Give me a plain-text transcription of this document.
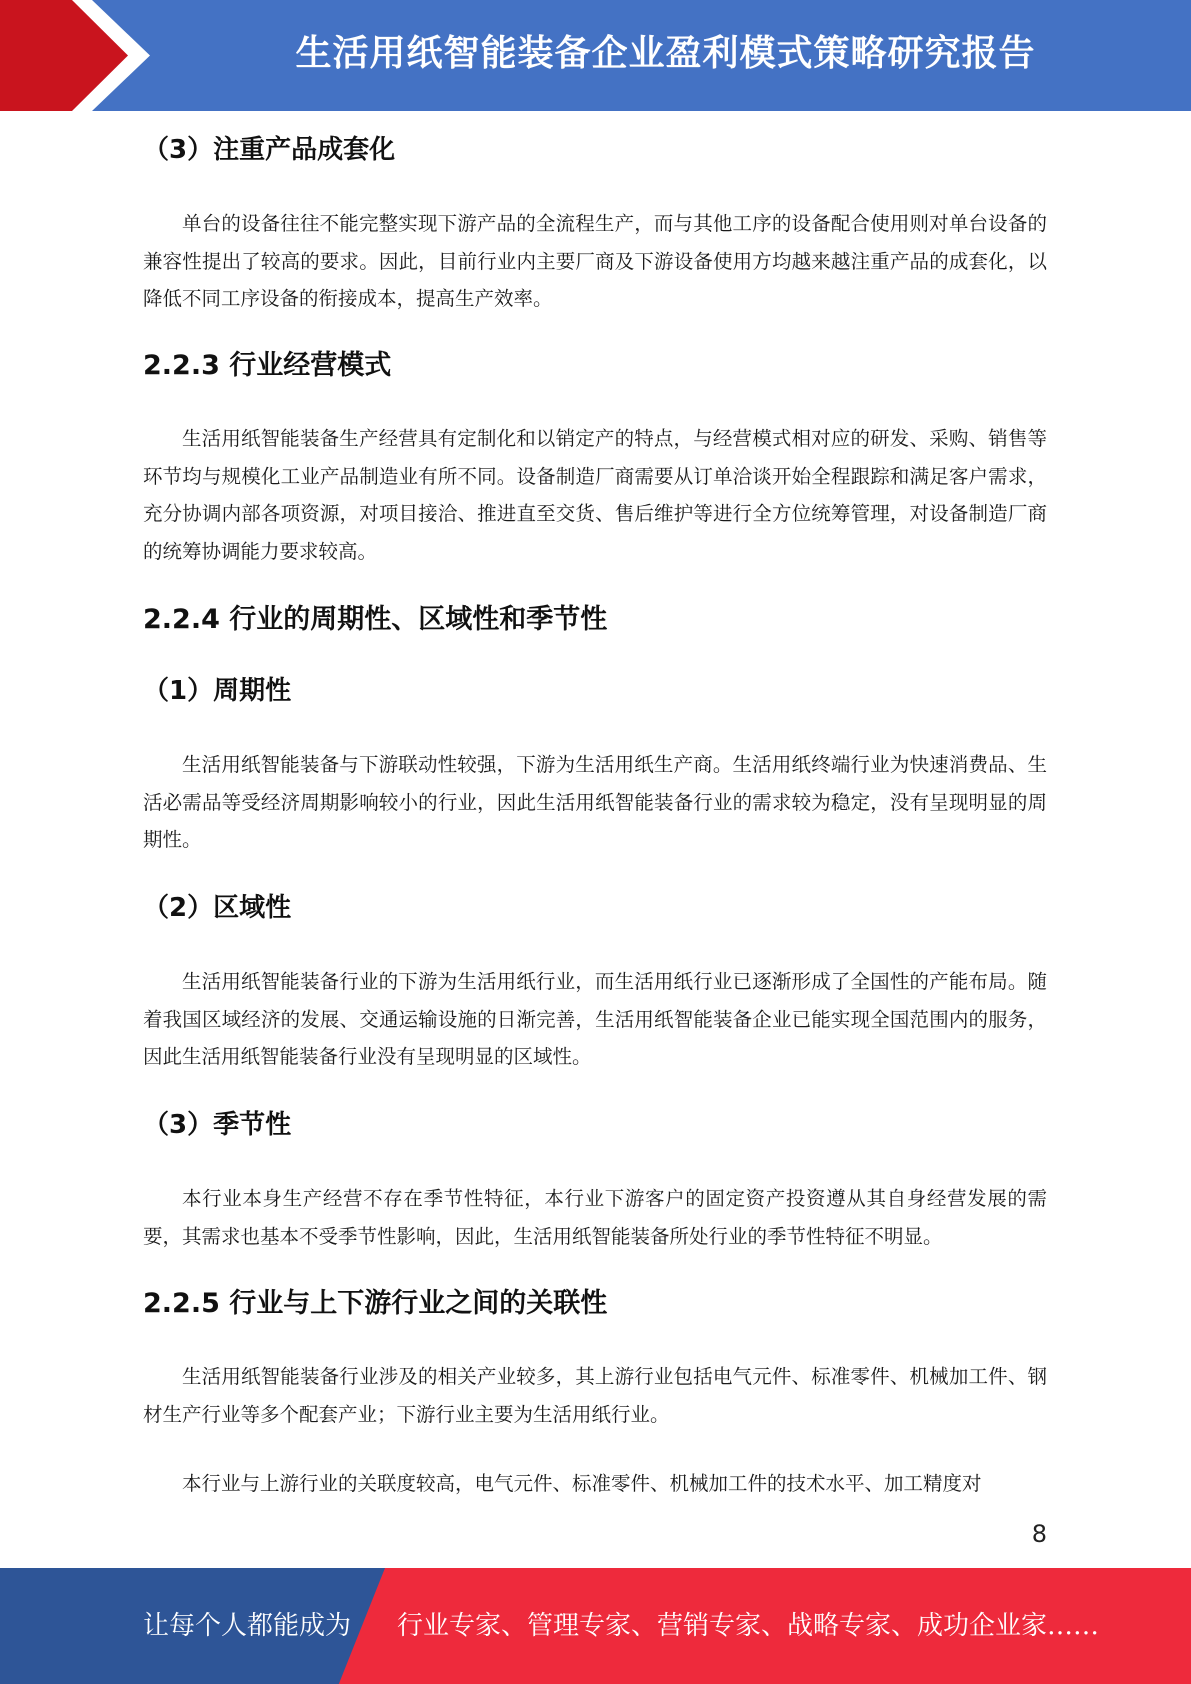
生活用纸智能装备企业盈利模式策略研究报告
（3）注重产品成套化
单台的设备往往不能完整实现下游产品的全流程生产，而与其他工序的设备配合使用则对单台设备的兼容性提出了较高的要求。因此，目前行业内主要厂商及下游设备使用方均越来越注重产品的成套化，以降低不同工序设备的衔接成本，提高生产效率。
2.2.3 行业经营模式
生活用纸智能装备生产经营具有定制化和以销定产的特点，与经营模式相对应的研发、采购、销售等环节均与规模化工业产品制造业有所不同。设备制造厂商需要从订单洽谈开始全程跟踪和满足客户需求，充分协调内部各项资源，对项目接洽、推进直至交货、售后维护等进行全方位统筹管理，对设备制造厂商的统筹协调能力要求较高。
2.2.4 行业的周期性、区域性和季节性
（1）周期性
生活用纸智能装备与下游联动性较强，下游为生活用纸生产商。生活用纸终端行业为快速消费品、生活必需品等受经济周期影响较小的行业，因此生活用纸智能装备行业的需求较为稳定，没有呈现明显的周期性。
（2）区域性
生活用纸智能装备行业的下游为生活用纸行业，而生活用纸行业已逐渐形成了全国性的产能布局。随着我国区域经济的发展、交通运输设施的日渐完善，生活用纸智能装备企业已能实现全国范围内的服务，因此生活用纸智能装备行业没有呈现明显的区域性。
（3）季节性
本行业本身生产经营不存在季节性特征，本行业下游客户的固定资产投资遵从其自身经营发展的需要，其需求也基本不受季节性影响，因此，生活用纸智能装备所处行业的季节性特征不明显。
2.2.5 行业与上下游行业之间的关联性
生活用纸智能装备行业涉及的相关产业较多，其上游行业包括电气元件、标准零件、机械加工件、钢材生产行业等多个配套产业；下游行业主要为生活用纸行业。
本行业与上游行业的关联度较高，电气元件、标准零件、机械加工件的技术水平、加工精度对
8
让每个人都能成为 行业专家、管理专家、营销专家、战略专家、成功企业家……
